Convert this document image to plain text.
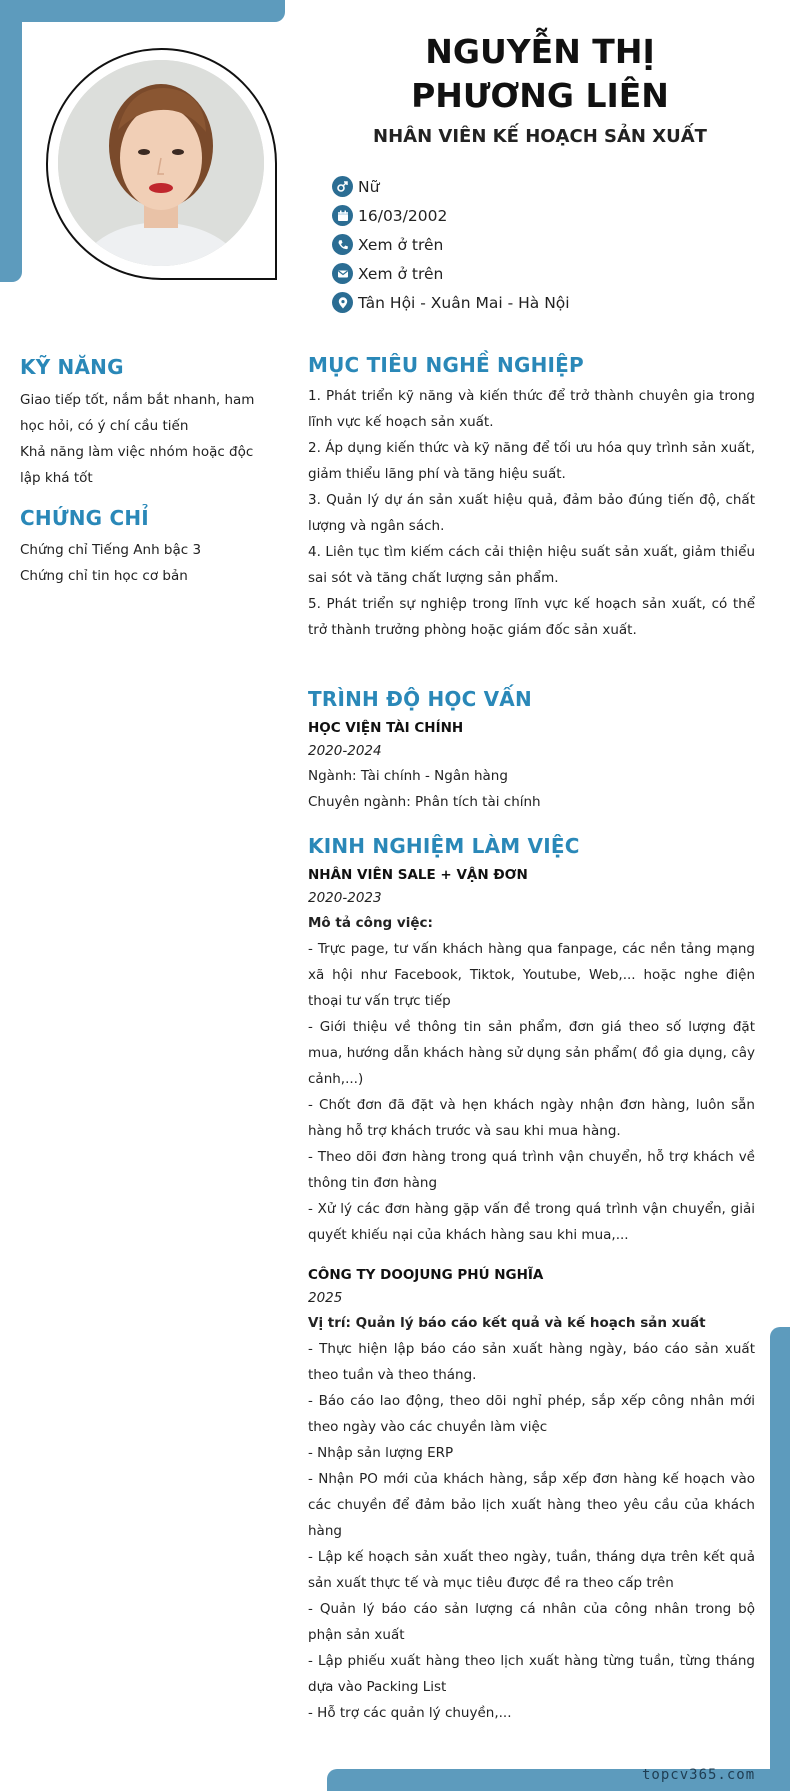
NGUYỄN THỊ PHƯƠNG LIÊN
NHÂN VIÊN KẾ HOẠCH SẢN XUẤT
Nữ
16/03/2002
Xem ở trên
Xem ở trên
Tân Hội - Xuân Mai - Hà Nội
KỸ NĂNG
Giao tiếp tốt, nắm bắt nhanh, ham học hỏi, có ý chí cầu tiến
Khả năng làm việc nhóm hoặc độc lập khá tốt
CHỨNG CHỈ
Chứng chỉ Tiếng Anh bậc 3
Chứng chỉ tin học cơ bản
MỤC TIÊU NGHỀ NGHIỆP

1. Phát triển kỹ năng và kiến thức để trở thành chuyên gia trong lĩnh vực kế hoạch sản xuất.

2. Áp dụng kiến thức và kỹ năng để tối ưu hóa quy trình sản xuất, giảm thiểu lãng phí và tăng hiệu suất.

3. Quản lý dự án sản xuất hiệu quả, đảm bảo đúng tiến độ, chất lượng và ngân sách.

4. Liên tục tìm kiếm cách cải thiện hiệu suất sản xuất, giảm thiểu sai sót và tăng chất lượng sản phẩm.

5. Phát triển sự nghiệp trong lĩnh vực kế hoạch sản xuất, có thể trở thành trưởng phòng hoặc giám đốc sản xuất.

TRÌNH ĐỘ HỌC VẤN
HỌC VIỆN TÀI CHÍNH
2020-2024

Ngành: Tài chính - Ngân hàng

Chuyên ngành: Phân tích tài chính

KINH NGHIỆM LÀM VIỆC
NHÂN VIÊN SALE + VẬN ĐƠN
2020-2023

Mô tả công việc:

- Trực page, tư vấn khách hàng qua fanpage, các nền tảng mạng xã hội như Facebook, Tiktok, Youtube, Web,... hoặc nghe điện thoại tư vấn trực tiếp

- Giới thiệu về thông tin sản phẩm, đơn giá theo số lượng đặt mua, hướng dẫn khách hàng sử dụng sản phẩm( đồ gia dụng, cây cảnh,...)

- Chốt đơn đã đặt và hẹn khách ngày nhận đơn hàng, luôn sẵn hàng hỗ trợ khách trước và sau khi mua hàng.

- Theo dõi đơn hàng trong quá trình vận chuyển, hỗ trợ khách về thông tin đơn hàng

- Xử lý các đơn hàng gặp vấn đề trong quá trình vận chuyển, giải quyết khiếu nại của khách hàng sau khi mua,...

CÔNG TY DOOJUNG PHÚ NGHĨA
2025

Vị trí: Quản lý báo cáo kết quả và kế hoạch sản xuất

- Thực hiện lập báo cáo sản xuất hàng ngày, báo cáo sản xuất theo tuần và theo tháng.

- Báo cáo lao động, theo dõi nghỉ phép, sắp xếp công nhân mới theo ngày vào các chuyền làm việc

- Nhập sản lượng ERP

- Nhận PO mới của khách hàng, sắp xếp đơn hàng kế hoạch vào các chuyền để đảm bảo lịch xuất hàng theo yêu cầu của khách hàng

- Lập kế hoạch sản xuất theo ngày, tuần, tháng dựa trên kết quả sản xuất thực tế và mục tiêu được đề ra theo cấp trên

- Quản lý báo cáo sản lượng cá nhân của công nhân trong bộ phận sản xuất

- Lập phiếu xuất hàng theo lịch xuất hàng từng tuần, từng tháng dựa vào Packing List

- Hỗ trợ các quản lý chuyền,...

topcv365.com
